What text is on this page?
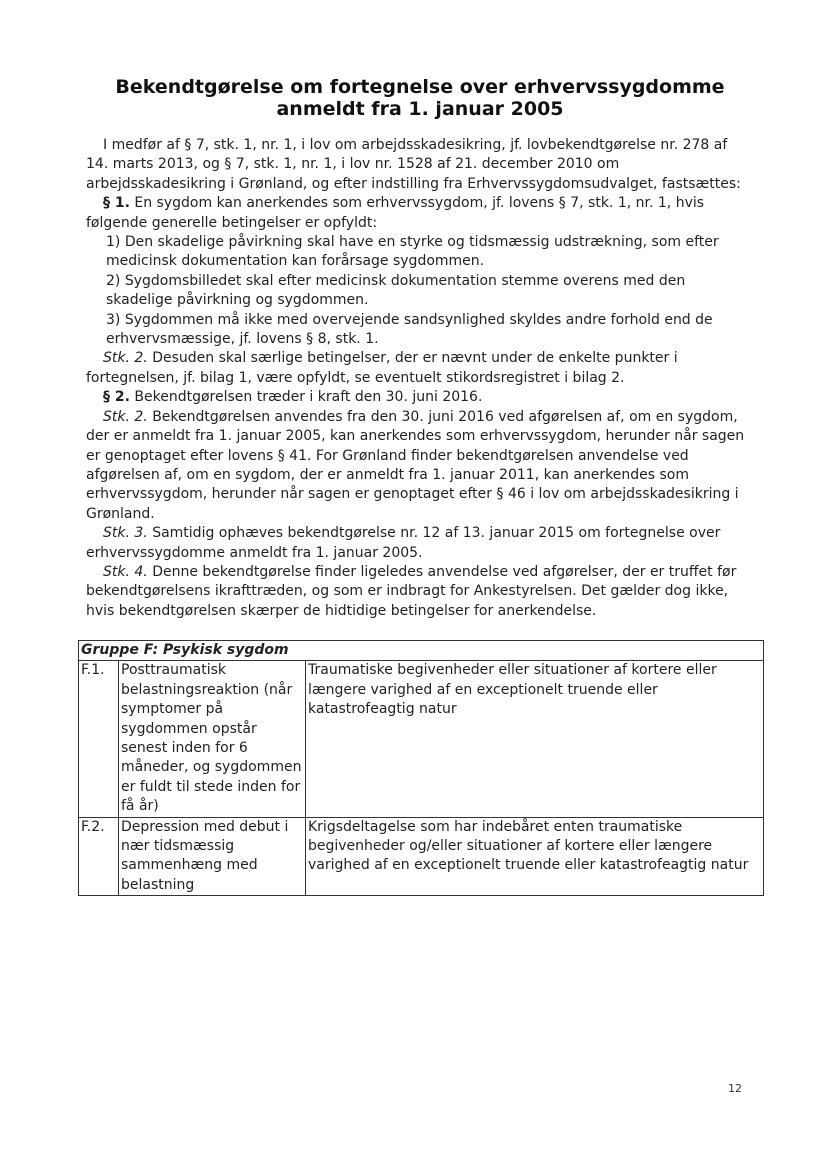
Bekendtgørelse om fortegnelse over erhvervssygdomme
anmeldt fra 1. januar 2005

I medfør af § 7, stk. 1, nr. 1, i lov om arbejdsskadesikring, jf. lovbekendtgørelse nr. 278 af 14. marts 2013, og § 7, stk. 1, nr. 1, i lov nr. 1528 af 21. december 2010 om arbejdsskadesikring i Grønland, og efter indstilling fra Erhvervssygdomsudvalget, fastsættes:

§ 1. En sygdom kan anerkendes som erhvervssygdom, jf. lovens § 7, stk. 1, nr. 1, hvis følgende generelle betingelser er opfyldt:

1) Den skadelige påvirkning skal have en styrke og tidsmæssig udstrækning, som efter medicinsk dokumentation kan forårsage sygdommen.

2) Sygdomsbilledet skal efter medicinsk dokumentation stemme overens med den skadelige påvirkning og sygdommen.

3) Sygdommen må ikke med overvejende sandsynlighed skyldes andre forhold end de erhvervsmæssige, jf. lovens § 8, stk. 1.

Stk. 2. Desuden skal særlige betingelser, der er nævnt under de enkelte punkter i fortegnelsen, jf. bilag 1, være opfyldt, se eventuelt stikordsregistret i bilag 2.

§ 2. Bekendtgørelsen træder i kraft den 30. juni 2016.

Stk. 2. Bekendtgørelsen anvendes fra den 30. juni 2016 ved afgørelsen af, om en sygdom, der er anmeldt fra 1. januar 2005, kan anerkendes som erhvervssygdom, herunder når sagen er genoptaget efter lovens § 41. For Grønland finder bekendtgørelsen anvendelse ved afgørelsen af, om en sygdom, der er anmeldt fra 1. januar 2011, kan anerkendes som erhvervssygdom, herunder når sagen er genoptaget efter § 46 i lov om arbejdsskadesikring i Grønland.

Stk. 3. Samtidig ophæves bekendtgørelse nr. 12 af 13. januar 2015 om fortegnelse over erhvervssygdomme anmeldt fra 1. januar 2005.

Stk. 4. Denne bekendtgørelse finder ligeledes anvendelse ved afgørelser, der er truffet før bekendtgørelsens ikrafttræden, og som er indbragt for Ankestyrelsen. Det gælder dog ikke, hvis bekendtgørelsen skærper de hidtidige betingelser for anerkendelse.

Gruppe F: Psykisk sygdom		
F.1.	Posttraumatisk belastningsreaktion (når symptomer på sygdommen opstår senest inden for 6 måneder, og sygdommen er fuldt til stede inden for få år)	Traumatiske begivenheder eller situationer af kortere eller længere varighed af en exceptionelt truende eller katastrofeagtig natur
F.2.	Depression med debut i nær tidsmæssig sammenhæng med belastning	Krigsdeltagelse som har indebåret enten traumatiske begivenheder og/eller situationer af kortere eller længere varighed af en exceptionelt truende eller katastrofeagtig natur
12
